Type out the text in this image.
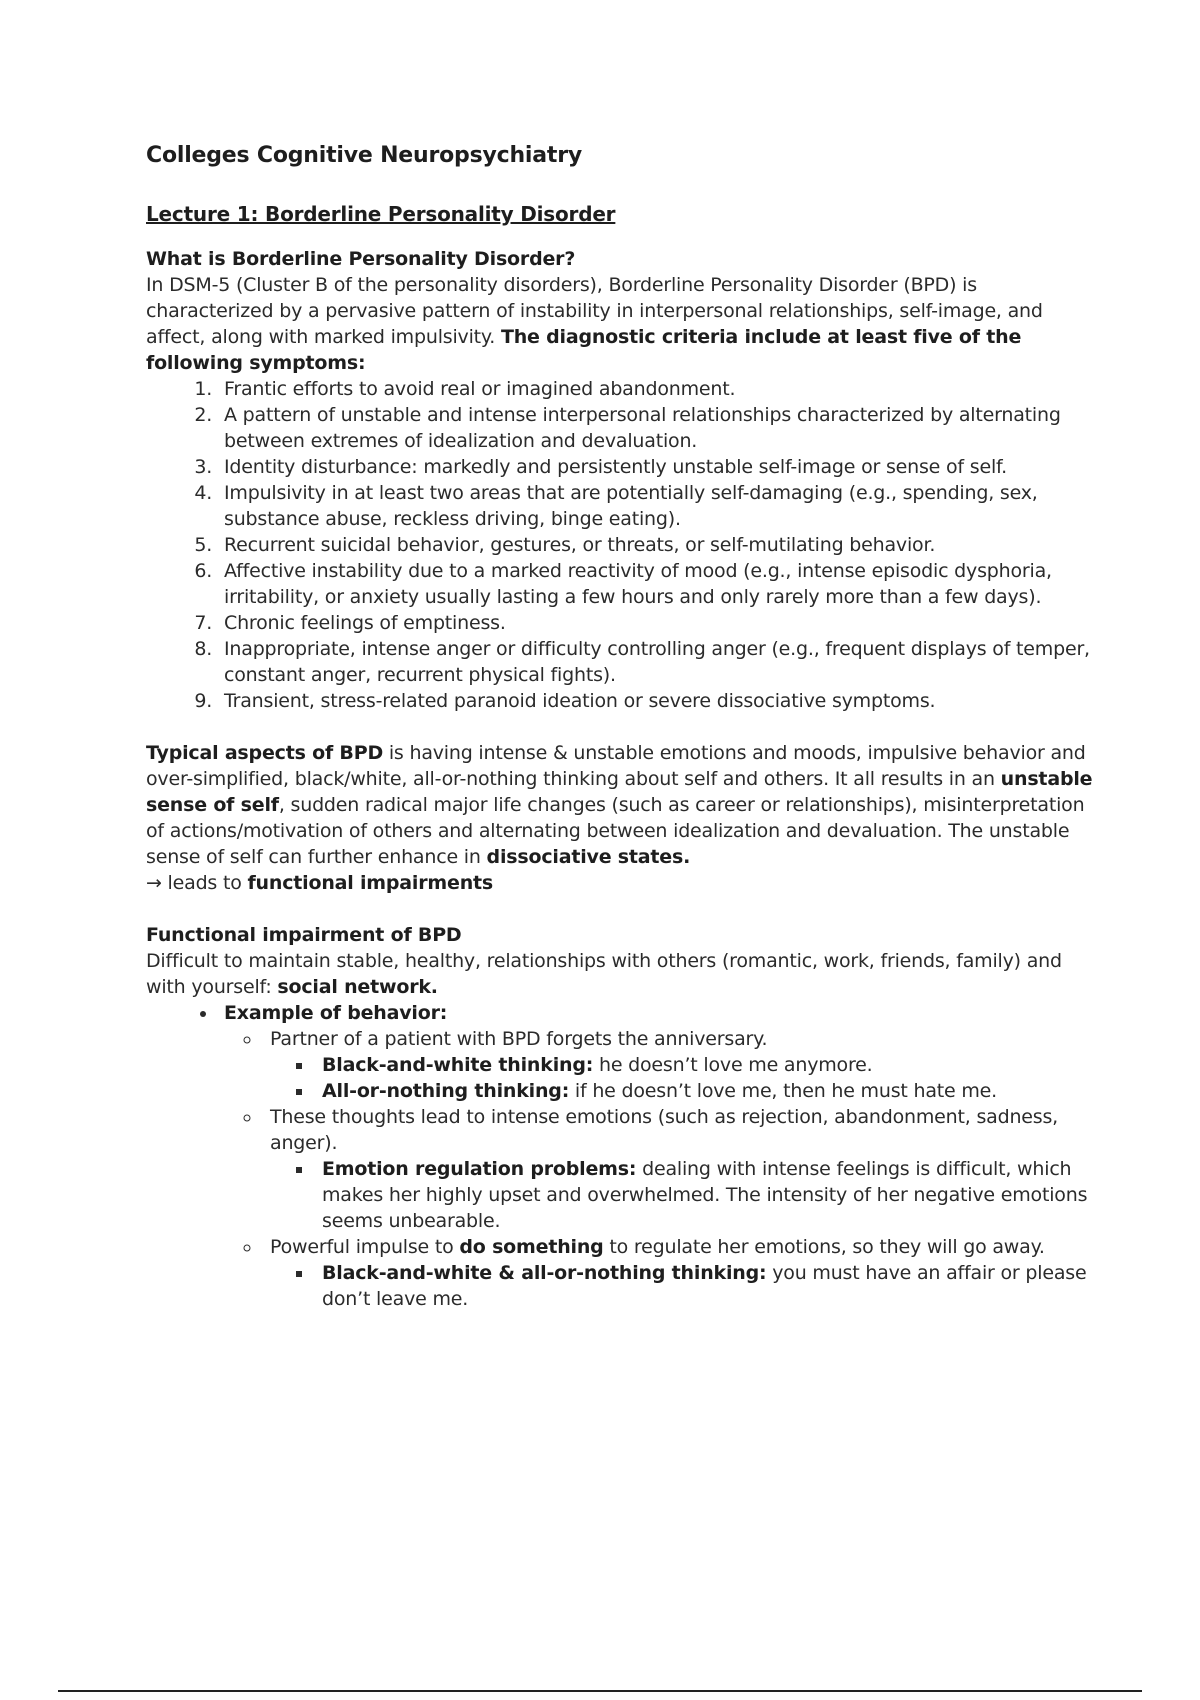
Colleges Cognitive Neuropsychiatry
Lecture 1: Borderline Personality Disorder
What is Borderline Personality Disorder?

In DSM-5 (Cluster B of the personality disorders), Borderline Personality Disorder (BPD) is characterized by a pervasive pattern of instability in interpersonal relationships, self-image, and affect, along with marked impulsivity. The diagnostic criteria include at least five of the following symptoms:

1. Frantic efforts to avoid real or imagined abandonment.
2. A pattern of unstable and intense interpersonal relationships characterized by alternating between extremes of idealization and devaluation.
3. Identity disturbance: markedly and persistently unstable self-image or sense of self.
4. Impulsivity in at least two areas that are potentially self-damaging (e.g., spending, sex, substance abuse, reckless driving, binge eating).
5. Recurrent suicidal behavior, gestures, or threats, or self-mutilating behavior.
6. Affective instability due to a marked reactivity of mood (e.g., intense episodic dysphoria, irritability, or anxiety usually lasting a few hours and only rarely more than a few days).
7. Chronic feelings of emptiness.
8. Inappropriate, intense anger or difficulty controlling anger (e.g., frequent displays of temper, constant anger, recurrent physical fights).
9. Transient, stress-related paranoid ideation or severe dissociative symptoms.

Typical aspects of BPD is having intense & unstable emotions and moods, impulsive behavior and over-simplified, black/white, all-or-nothing thinking about self and others. It all results in an unstable sense of self, sudden radical major life changes (such as career or relationships), misinterpretation of actions/motivation of others and alternating between idealization and devaluation. The unstable sense of self can further enhance in dissociative states.

→ leads to functional impairments

Functional impairment of BPD

Difficult to maintain stable, healthy, relationships with others (romantic, work, friends, family) and with yourself: social network.

• Example of behavior:
◦ Partner of a patient with BPD forgets the anniversary.
▪ Black-and-white thinking: he doesn’t love me anymore.
▪ All-or-nothing thinking: if he doesn’t love me, then he must hate me.
◦ These thoughts lead to intense emotions (such as rejection, abandonment, sadness, anger).
▪ Emotion regulation problems: dealing with intense feelings is difficult, which makes her highly upset and overwhelmed. The intensity of her negative emotions seems unbearable.
◦ Powerful impulse to do something to regulate her emotions, so they will go away.
▪ Black-and-white & all-or-nothing thinking: you must have an affair or please don’t leave me.
